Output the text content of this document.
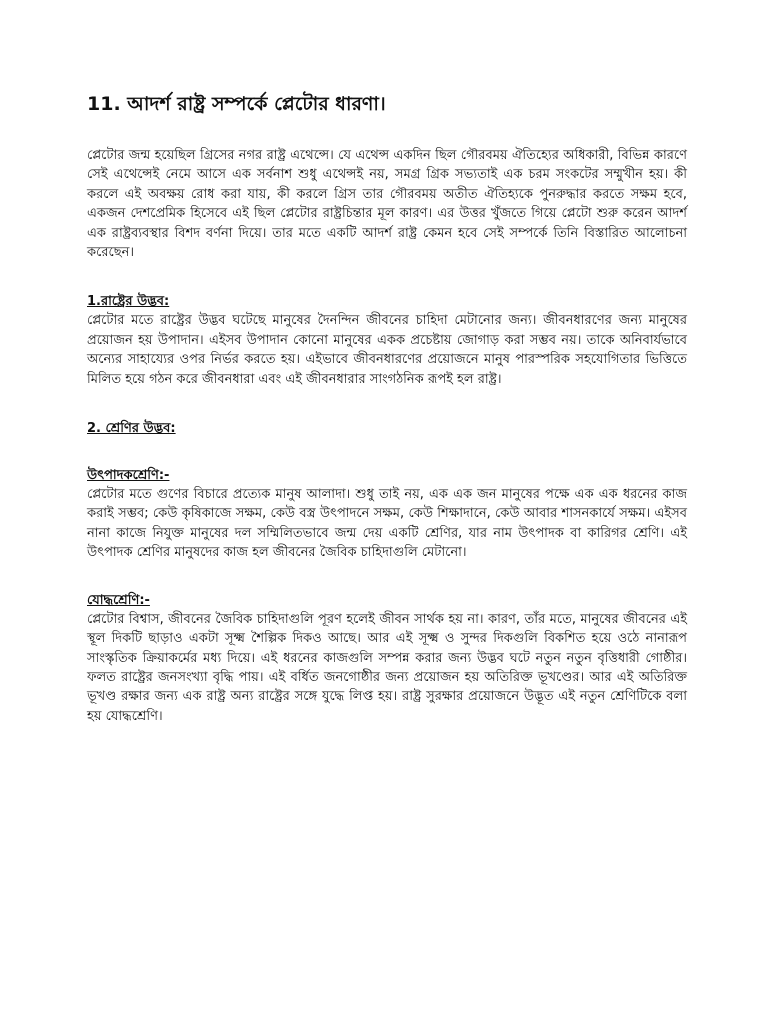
11. আদর্শ রাষ্ট্র সম্পর্কে প্লেটোর ধারণা।

প্লেটোর জন্ম হয়েছিল গ্রিসের নগর রাষ্ট্র এথেন্সে। যে এথেন্স একদিন ছিল গৌরবময় ঐতিহ্যের অধিকারী, বিভিন্ন কারণে সেই এথেন্সেই নেমে আসে এক সর্বনাশ শুধু এথেন্সই নয়, সমগ্র গ্রিক সভ্যতাই এক চরম সংকটের সম্মুখীন হয়। কী করলে এই অবক্ষয় রোধ করা যায়, কী করলে গ্রিস তার গৌরবময় অতীত ঐতিহ্যকে পুনরুদ্ধার করতে সক্ষম হবে, একজন দেশপ্রেমিক হিসেবে এই ছিল প্লেটোর রাষ্ট্রচিন্তার মূল কারণ। এর উত্তর খুঁজতে গিয়ে প্লেটো শুরু করেন আদর্শ এক রাষ্ট্রব্যবস্থার বিশদ বর্ণনা দিয়ে। তার মতে একটি আদর্শ রাষ্ট্র কেমন হবে সেই সম্পর্কে তিনি বিস্তারিত আলোচনা করেছেন।

1.রাষ্ট্রের উদ্ভব:

প্লেটোর মতে রাষ্ট্রের উদ্ভব ঘটেছে মানুষের দৈনন্দিন জীবনের চাহিদা মেটানোর জন্য। জীবনধারণের জন্য মানুষের প্রয়োজন হয় উপাদান। এইসব উপাদান কোনো মানুষের একক প্রচেষ্টায় জোগাড় করা সম্ভব নয়। তাকে অনিবার্যভাবে অন্যের সাহায্যের ওপর নির্ভর করতে হয়। এইভাবে জীবনধারণের প্রয়োজনে মানুষ পারস্পরিক সহযোগিতার ভিত্তিতে মিলিত হয়ে গঠন করে জীবনধারা এবং এই জীবনধারার সাংগঠনিক রূপই হল রাষ্ট্র।

2. শ্রেণির উদ্ভব:
উৎপাদকশ্রেণি:-

প্লেটোর মতে গুণের বিচারে প্রত্যেক মানুষ আলাদা। শুধু তাই নয়, এক এক জন মানুষের পক্ষে এক এক ধরনের কাজ করাই সম্ভব; কেউ কৃষিকাজে সক্ষম, কেউ বস্ত্র উৎপাদনে সক্ষম, কেউ শিক্ষাদানে, কেউ আবার শাসনকার্যে সক্ষম। এইসব নানা কাজে নিযুক্ত মানুষের দল সম্মিলিতভাবে জন্ম দেয় একটি শ্রেণির, যার নাম উৎপাদক বা কারিগর শ্রেণি। এই উৎপাদক শ্রেণির মানুষদের কাজ হল জীবনের জৈবিক চাহিদাগুলি মেটানো।

যোদ্ধশ্রেণি:-

প্লেটোর বিশ্বাস, জীবনের জৈবিক চাহিদাগুলি পূরণ হলেই জীবন সার্থক হয় না। কারণ, তাঁর মতে, মানুষের জীবনের এই স্থূল দিকটি ছাড়াও একটা সূক্ষ্ম শৈল্পিক দিকও আছে। আর এই সূক্ষ্ম ও সুন্দর দিকগুলি বিকশিত হয়ে ওঠে নানারূপ সাংস্কৃতিক ক্রিয়াকর্মের মধ্য দিয়ে। এই ধরনের কাজগুলি সম্পন্ন করার জন্য উদ্ভব ঘটে নতুন নতুন বৃত্তিধারী গোষ্ঠীর। ফলত রাষ্ট্রের জনসংখ্যা বৃদ্ধি পায়। এই বর্ধিত জনগোষ্ঠীর জন্য প্রয়োজন হয় অতিরিক্ত ভূখণ্ডের। আর এই অতিরিক্ত ভূখণ্ড রক্ষার জন্য এক রাষ্ট্র অন্য রাষ্ট্রের সঙ্গে যুদ্ধে লিপ্ত হয়। রাষ্ট্র সুরক্ষার প্রয়োজনে উদ্ভূত এই নতুন শ্রেণিটিকে বলা হয় যোদ্ধশ্রেণি।
